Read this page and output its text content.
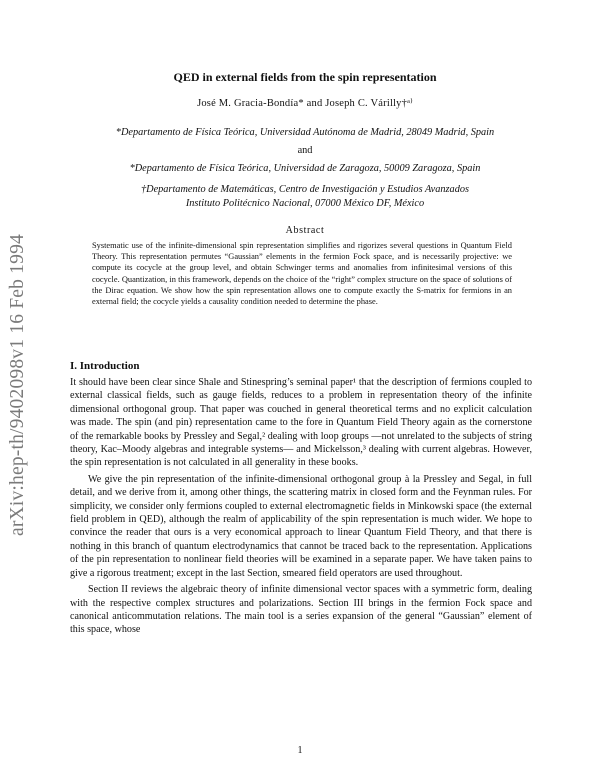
arXiv:hep-th/9402098v1 16 Feb 1994
QED in external fields from the spin representation
José M. Gracia-Bondía* and Joseph C. Várilly†ᵃ⁾
*Departamento de Física Teórica, Universidad Autónoma de Madrid, 28049 Madrid, Spain
and
*Departamento de Física Teórica, Universidad de Zaragoza, 50009 Zaragoza, Spain
†Departamento de Matemáticas, Centro de Investigación y Estudios Avanzados
Instituto Politécnico Nacional, 07000 México DF, México
Abstract
Systematic use of the infinite-dimensional spin representation simplifies and rigorizes several questions in Quantum Field Theory. This representation permutes “Gaussian” elements in the fermion Fock space, and is necessarily projective: we compute its cocycle at the group level, and obtain Schwinger terms and anomalies from infinitesimal versions of this cocycle. Quantization, in this framework, depends on the choice of the “right” complex structure on the space of solutions of the Dirac equation. We show how the spin representation allows one to compute exactly the S-matrix for fermions in an external field; the cocycle yields a causality condition needed to determine the phase.
I. Introduction

It should have been clear since Shale and Stinespring’s seminal paper¹ that the description of fermions coupled to external classical fields, such as gauge fields, reduces to a problem in representation theory of the infinite dimensional orthogonal group. That paper was couched in general theoretical terms and no explicit calculation was made. The spin (and pin) representation came to the fore in Quantum Field Theory again as the cornerstone of the remarkable books by Pressley and Segal,² dealing with loop groups —not unrelated to the subjects of string theory, Kac–Moody algebras and integrable systems— and Mickelsson,³ dealing with current algebras. However, the spin representation is not calculated in all generality in these books.

We give the pin representation of the infinite-dimensional orthogonal group à la Pressley and Segal, in full detail, and we derive from it, among other things, the scattering matrix in closed form and the Feynman rules. For simplicity, we consider only fermions coupled to external electromagnetic fields in Minkowski space (the external field problem in QED), although the realm of applicability of the spin representation is much wider. We hope to convince the reader that ours is a very economical approach to linear Quantum Field Theory, and that there is nothing in this branch of quantum electrodynamics that cannot be traced back to the representation. Applications of the pin representation to nonlinear field theories will be examined in a separate paper. We have taken pains to give a rigorous treatment; except in the last Section, smeared field operators are used throughout.

Section II reviews the algebraic theory of infinite dimensional vector spaces with a symmetric form, dealing with the respective complex structures and polarizations. Section III brings in the fermion Fock space and canonical anticommutation relations. The main tool is a series expansion of the general “Gaussian” element of this space, whose

1
